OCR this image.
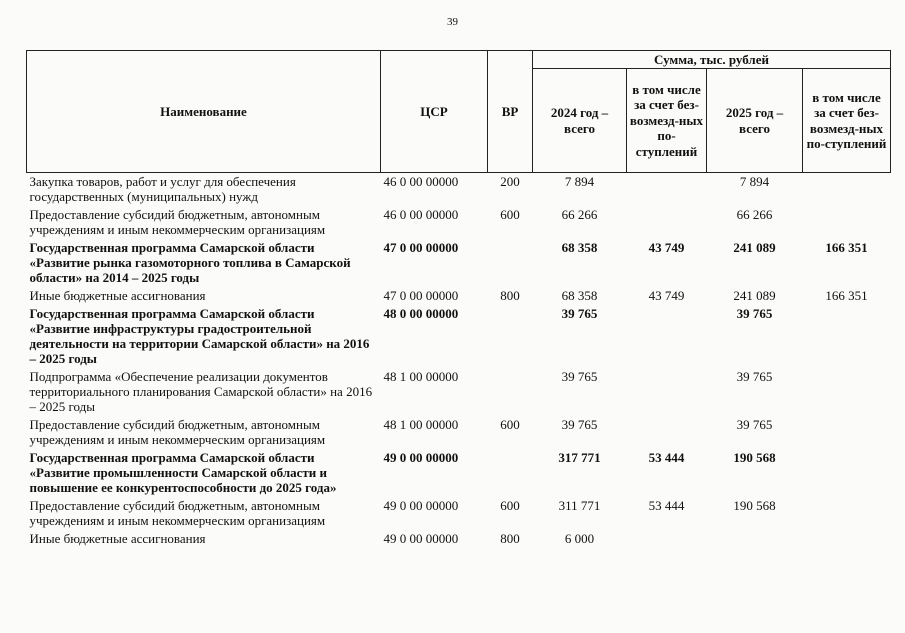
39
Наименование	ЦСР	ВР	Сумма, тыс. рублей			
			2024 год – всего	в том числе за счет без-возмезд-ных по-ступлений	2025 год – всего	в том числе за счет без-возмезд-ных по-ступлений
Закупка товаров, работ и услуг для обеспечения государственных (муниципальных) нужд	46 0 00 00000	200	7 894		7 894	
Предоставление субсидий бюджетным, автономным учреждениям и иным некоммерческим организациям	46 0 00 00000	600	66 266		66 266	
Государственная программа Самарской области «Развитие рынка газомоторного топлива в Самарской области» на 2014 – 2025 годы	47 0 00 00000		68 358	43 749	241 089	166 351
Иные бюджетные ассигнования	47 0 00 00000	800	68 358	43 749	241 089	166 351
Государственная программа Самарской области «Развитие инфраструктуры градостроительной деятельности на территории Самарской области» на 2016 – 2025 годы	48 0 00 00000		39 765		39 765	
Подпрограмма «Обеспечение реализации документов территориального планирования Самарской области» на 2016 – 2025 годы	48 1 00 00000		39 765		39 765	
Предоставление субсидий бюджетным, автономным учреждениям и иным некоммерческим организациям	48 1 00 00000	600	39 765		39 765	
Государственная программа Самарской области «Развитие промышленности Самарской области и повышение ее конкурентоспособности до 2025 года»	49 0 00 00000		317 771	53 444	190 568	
Предоставление субсидий бюджетным, автономным учреждениям и иным некоммерческим организациям	49 0 00 00000	600	311 771	53 444	190 568	
Иные бюджетные ассигнования	49 0 00 00000	800	6 000			
